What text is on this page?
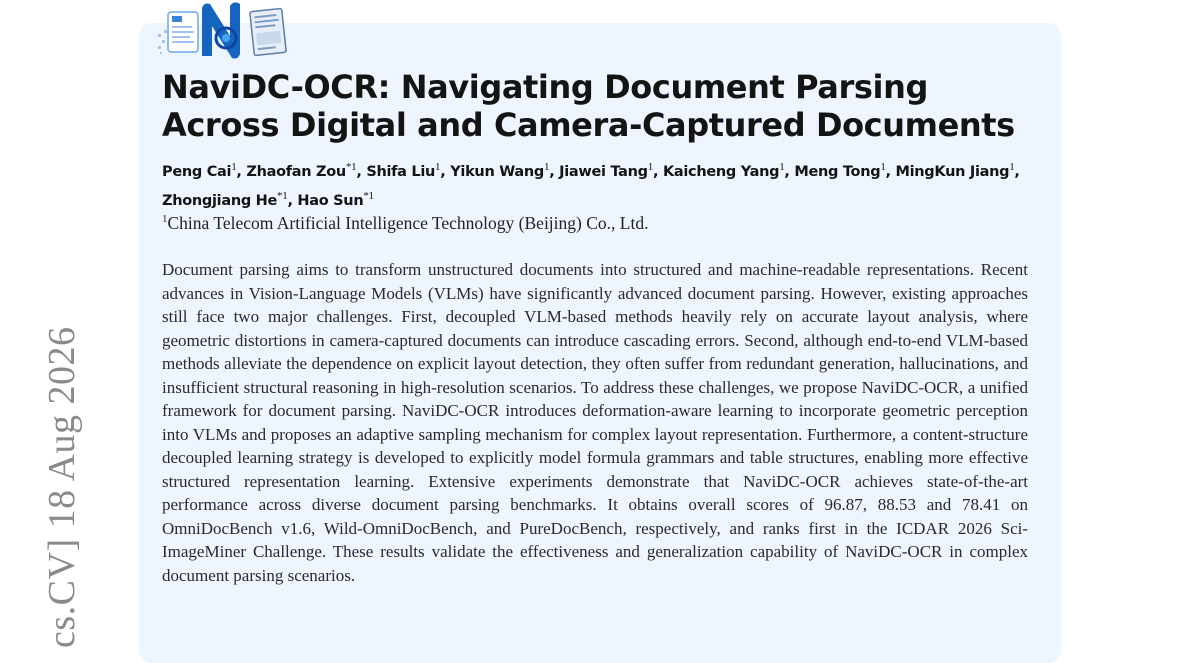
cs.CV] 18 Aug 2026
NaviDC-OCR: Navigating Document Parsing Across Digital and Camera-Captured Documents
Peng Cai$^1$, Zhaofan Zou$^{*1}$, Shifa Liu$^1$, Yikun Wang$^1$, Jiawei Tang$^1$, Kaicheng Yang$^1$, Meng Tong$^1$, MingKun Jiang$^1$, Zhongjiang He$^{*1}$, Hao Sun$^{*1}$
$^1$China Telecom Artificial Intelligence Technology (Beijing) Co., Ltd.

Document parsing aims to transform unstructured documents into structured and machine-readable representations. Recent advances in Vision-Language Models (VLMs) have significantly advanced document parsing. However, existing approaches still face two major challenges. First, decoupled VLM-based methods heavily rely on accurate layout analysis, where geometric distortions in camera-captured documents can introduce cascading errors. Second, although end-to-end VLM-based methods alleviate the dependence on explicit layout detection, they often suffer from redundant generation, hallucinations, and insufficient structural reasoning in high-resolution scenarios. To address these challenges, we propose NaviDC-OCR, a unified framework for document parsing. NaviDC-OCR introduces deformation-aware learning to incorporate geometric perception into VLMs and proposes an adaptive sampling mechanism for complex layout representation. Furthermore, a content-structure decoupled learning strategy is developed to explicitly model formula grammars and table structures, enabling more effective structured representation learning. Extensive experiments demonstrate that NaviDC-OCR achieves state-of-the-art performance across diverse document parsing benchmarks. It obtains overall scores of 96.87, 88.53 and 78.41 on OmniDocBench v1.6, Wild-OmniDocBench, and PureDocBench, respectively, and ranks first in the ICDAR 2026 Sci-ImageMiner Challenge. These results validate the effectiveness and generalization capability of NaviDC-OCR in complex document parsing scenarios.
